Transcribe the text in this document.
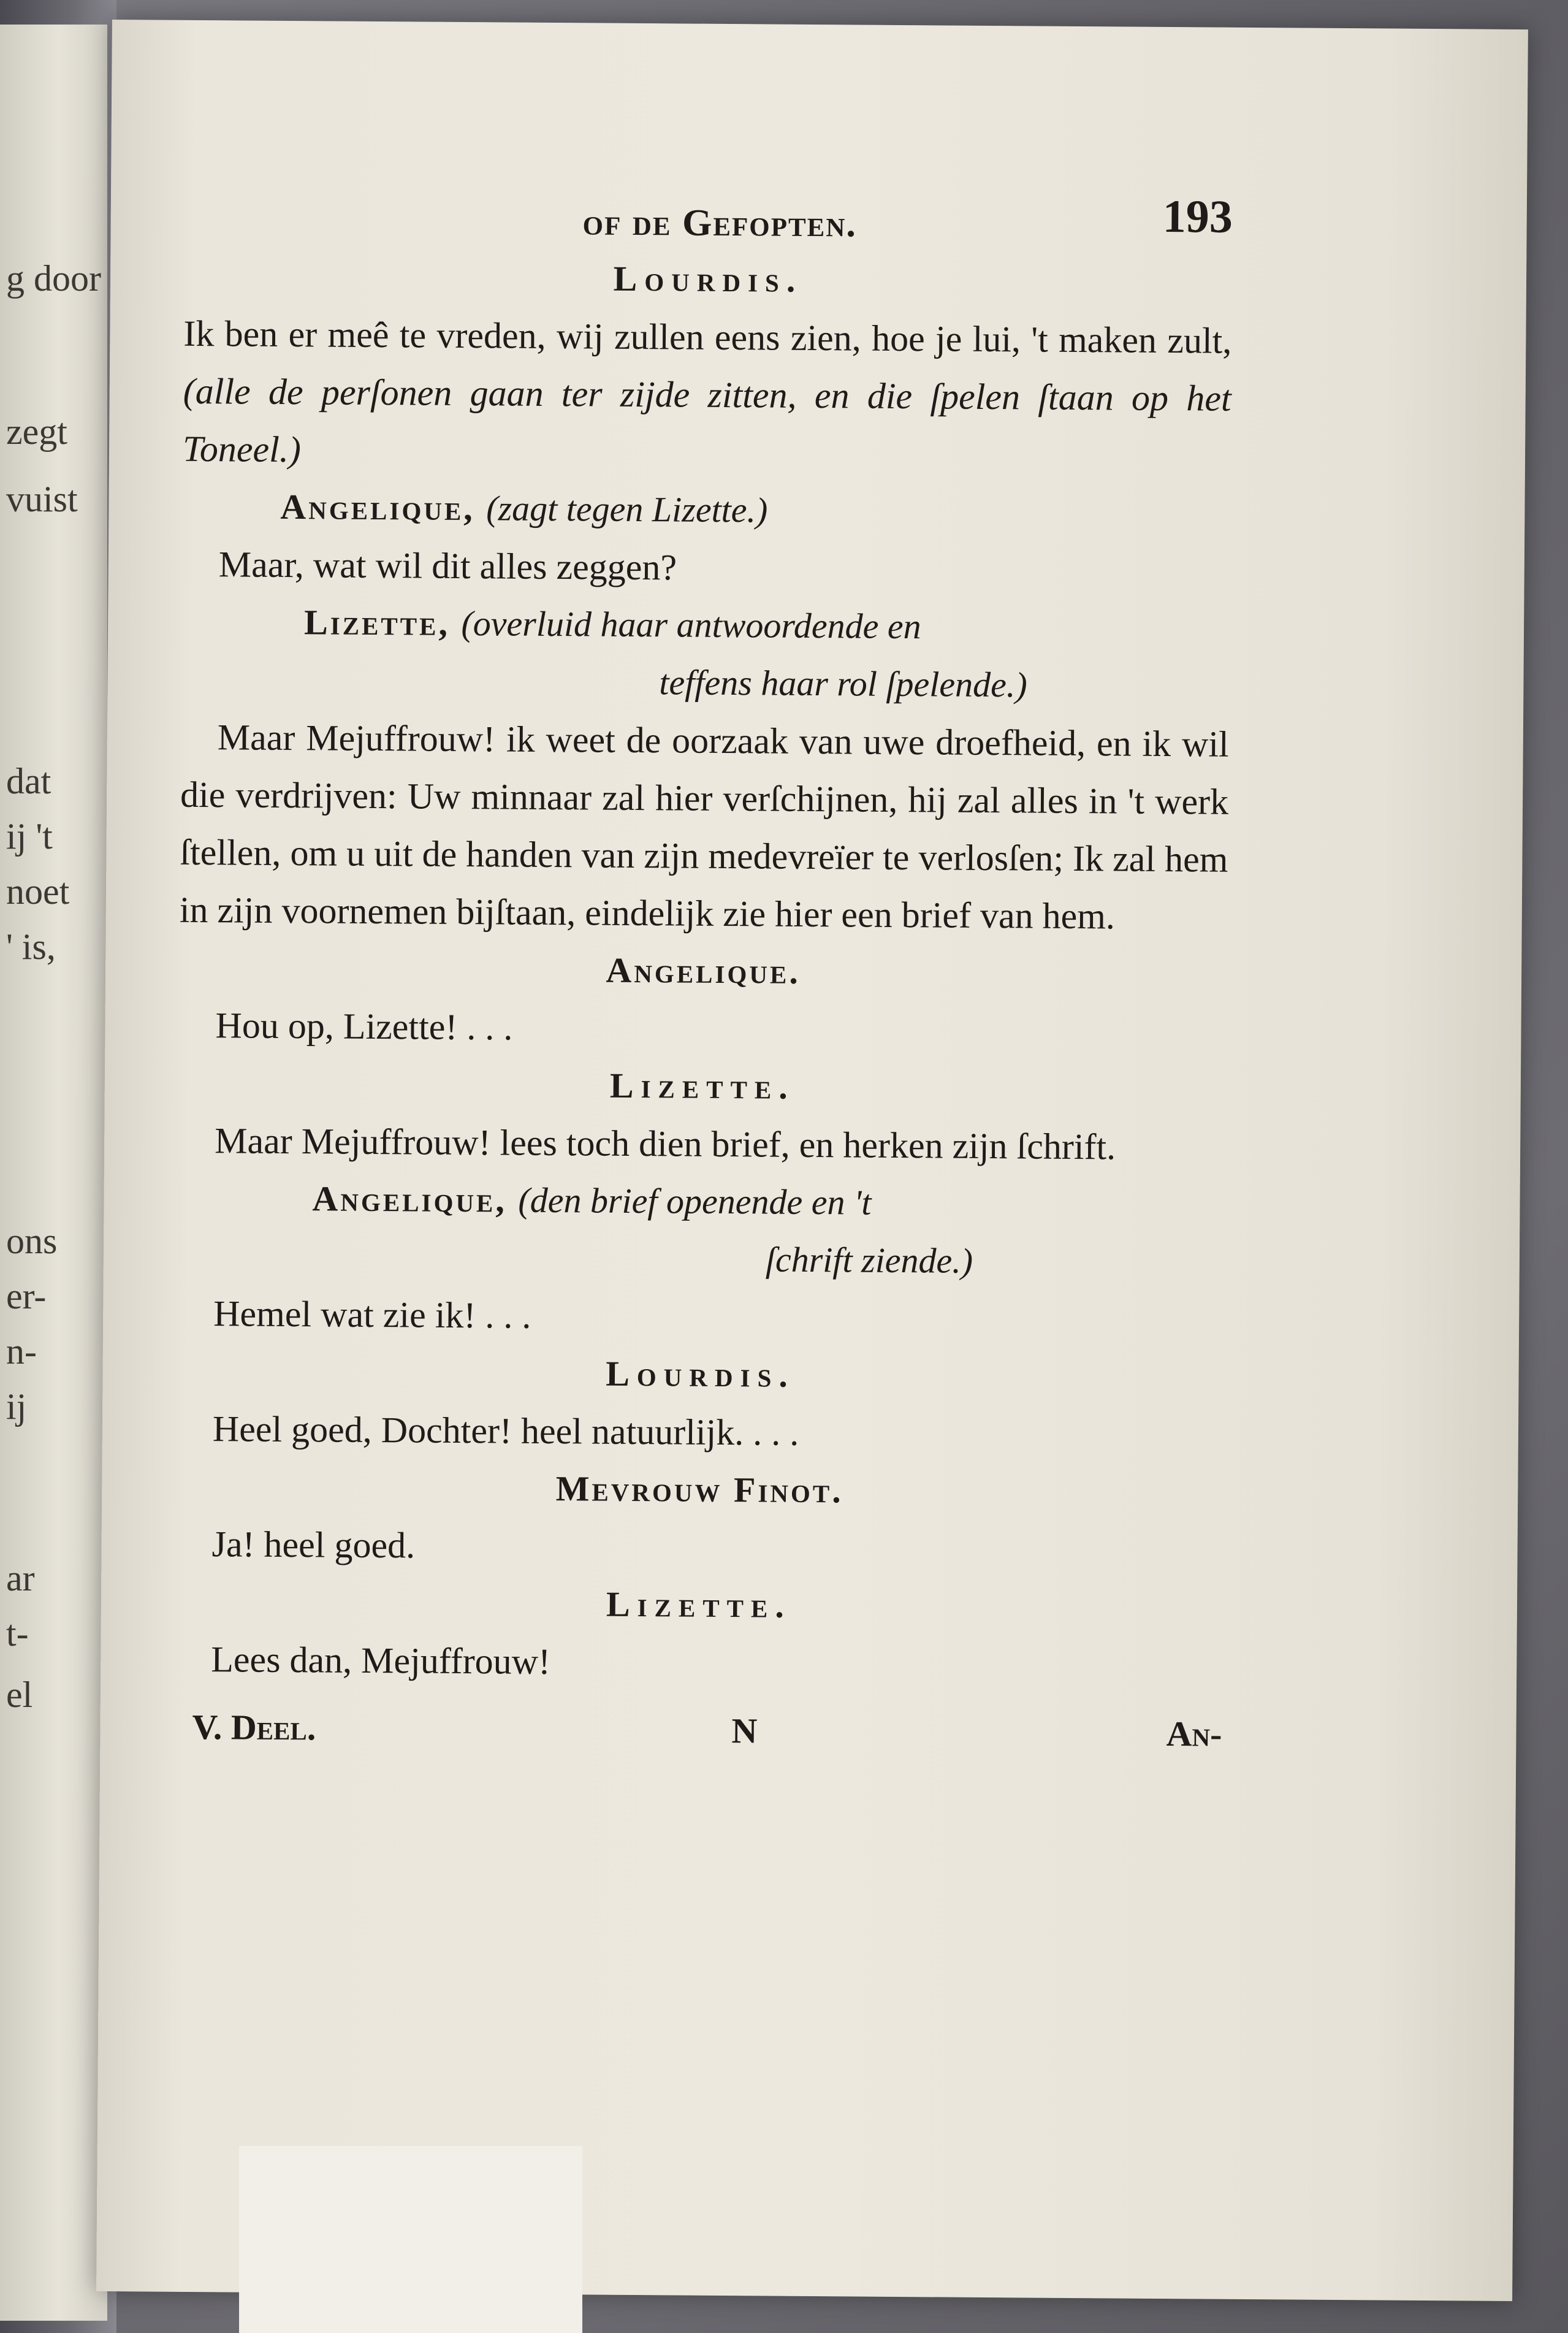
g door
zegt
vuist
dat
ij 't
noet
' is,
ons
er-
n-
ij
ar
t-
el
of de Gefopten.	193
Lourdis.

Ik ben er meê te vreden, wij zullen eens zien, hoe je lui, 't maken zult, (alle de perſonen gaan ter zijde zitten, en die ſpelen ſtaan op het Toneel.)

Angelique, (zagt tegen Lizette.)

Maar, wat wil dit alles zeggen?

Lizette, (overluid haar antwoordende en
teffens haar rol ſpelende.)

Maar Mejuffrouw! ik weet de oorzaak van uwe droefheid, en ik wil die verdrijven: Uw minnaar zal hier verſchijnen, hij zal alles in 't werk ſtellen, om u uit de handen van zijn medevreïer te verlosſen; Ik zal hem in zijn voornemen bijſtaan, eindelijk zie hier een brief van hem.

Angelique.

Hou op, Lizette! . . .

Lizette.

Maar Mejuffrouw! lees toch dien brief, en herken zijn ſchrift.

Angelique, (den brief openende en 't
ſchrift ziende.)

Hemel wat zie ik! . . .

Lourdis.

Heel goed, Dochter! heel natuurlijk. . . .

Mevrouw Finot.

Ja! heel goed.

Lizette.

Lees dan, Mejuffrouw!

V. Deel.	N	An-
